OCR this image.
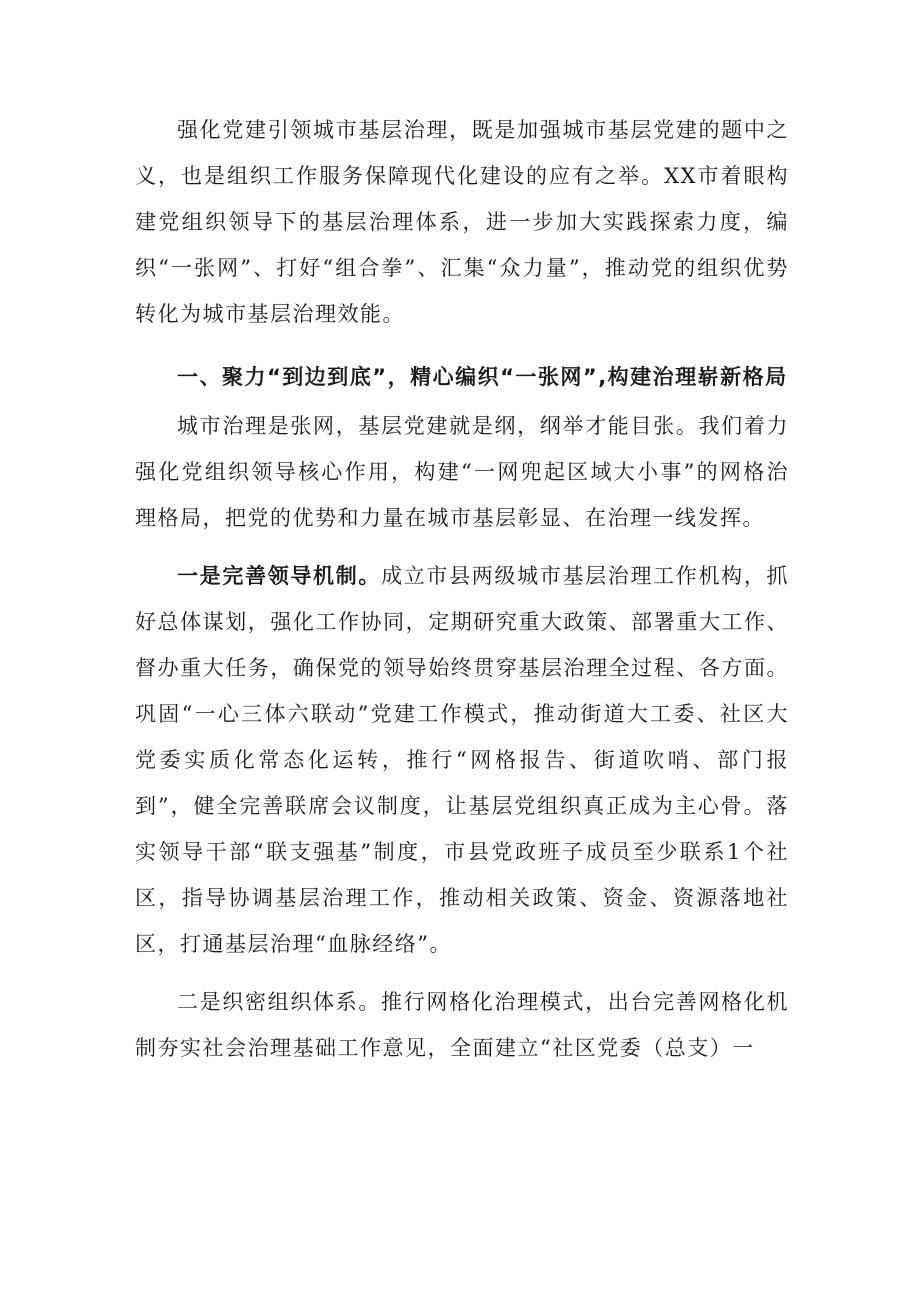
强化党建引领城市基层治理，既是加强城市基层党建的题中之义，也是组织工作服务保障现代化建设的应有之举。XX市着眼构建党组织领导下的基层治理体系，进一步加大实践探索力度，编织“一张网”、打好“组合拳”、汇集“众力量”，推动党的组织优势转化为城市基层治理效能。

一、聚力“到边到底”，精心编织“一张网”,构建治理崭新格局

城市治理是张网，基层党建就是纲，纲举才能目张。我们着力强化党组织领导核心作用，构建“一网兜起区域大小事”的网格治理格局，把党的优势和力量在城市基层彰显、在治理一线发挥。

一是完善领导机制。成立市县两级城市基层治理工作机构，抓好总体谋划，强化工作协同，定期研究重大政策、部署重大工作、督办重大任务，确保党的领导始终贯穿基层治理全过程、各方面。巩固“一心三体六联动”党建工作模式，推动街道大工委、社区大党委实质化常态化运转，推行“网格报告、街道吹哨、部门报到”，健全完善联席会议制度，让基层党组织真正成为主心骨。落实领导干部“联支强基”制度，市县党政班子成员至少联系1个社区，指导协调基层治理工作，推动相关政策、资金、资源落地社区，打通基层治理“血脉经络”。

二是织密组织体系。推行网格化治理模式，出台完善网格化机制夯实社会治理基础工作意见，全面建立“社区党委（总支）一
